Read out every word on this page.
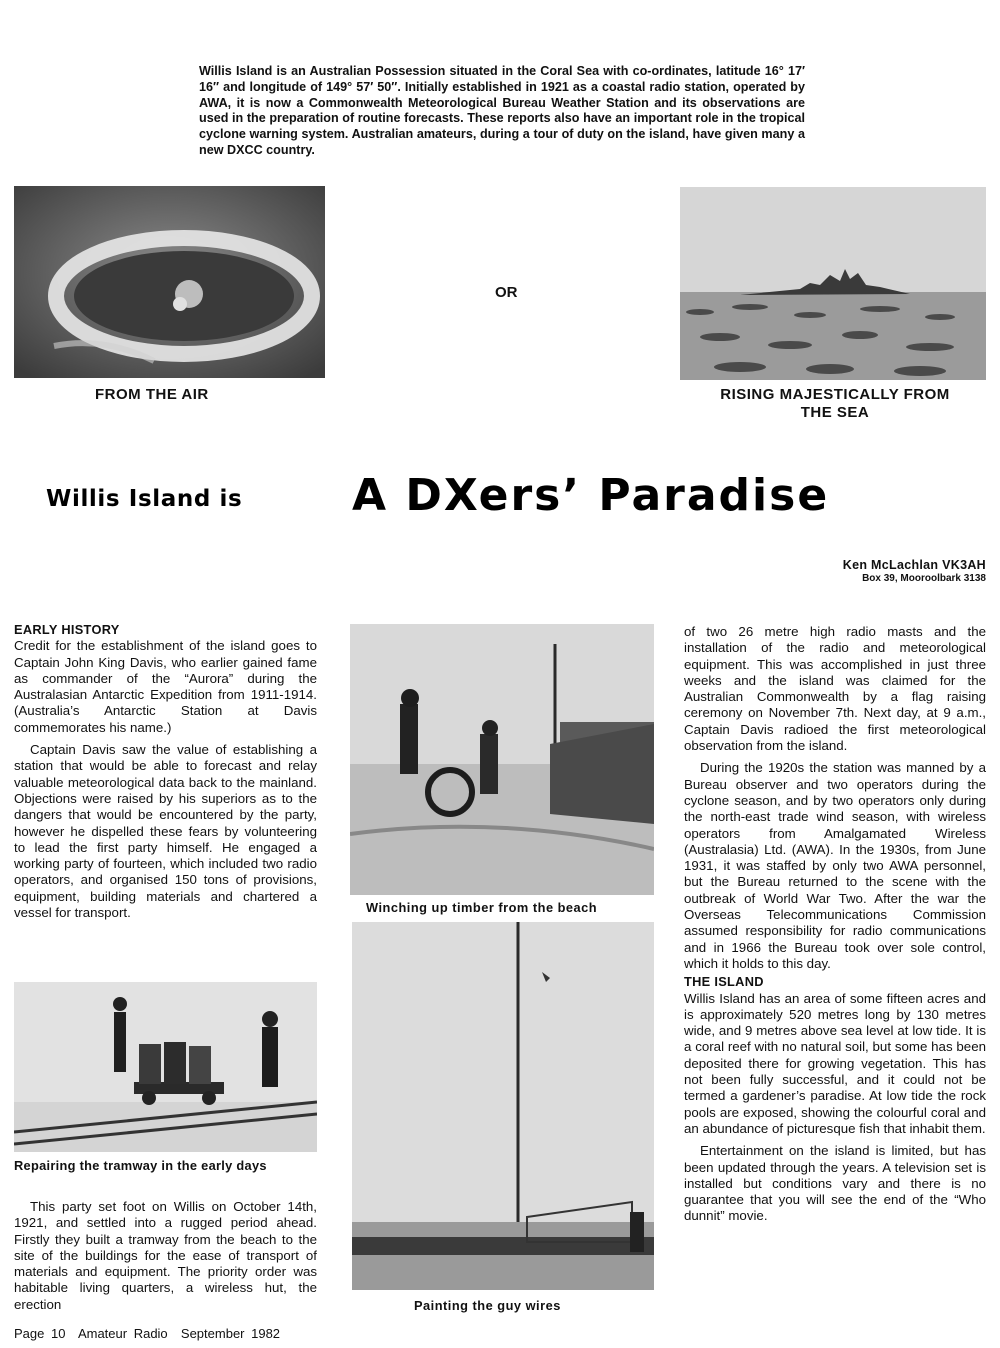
Willis Island is an Australian Possession situated in the Coral Sea with co-ordinates, latitude 16° 17′ 16″ and longitude of 149° 57′ 50″. Initially established in 1921 as a coastal radio station, operated by AWA, it is now a Commonwealth Meteorological Bureau Weather Station and its observations are used in the preparation of routine forecasts. These reports also have an important role in the tropical cyclone warning system. Australian amateurs, during a tour of duty on the island, have given many a new DXCC country.
FROM THE AIR
OR
RISING MAJESTICALLY FROM
THE SEA
Willis Island is A DXers’ Paradise
Ken McLachlan VK3AH
Box 39, Mooroolbark 3138
EARLY HISTORY

Credit for the establishment of the island goes to Captain John King Davis, who earlier gained fame as commander of the “Aurora” during the Australasian Antarctic Expedition from 1911-1914. (Australia’s Antarctic Station at Davis commemorates his name.)

Captain Davis saw the value of establishing a station that would be able to forecast and relay valuable meteorological data back to the mainland. Objections were raised by his superiors as to the dangers that would be encountered by the party, however he dispelled these fears by volunteering to lead the first party himself. He engaged a working party of fourteen, which included two radio operators, and organised 150 tons of provisions, equipment, building materials and chartered a vessel for transport.

Repairing the tramway in the early days

This party set foot on Willis on October 14th, 1921, and settled into a rugged period ahead. Firstly they built a tramway from the beach to the site of the buildings for the ease of transport of materials and equipment. The priority order was habitable living quarters, a wireless hut, the erection

Winching up timber from the beach
Painting the guy wires

of two 26 metre high radio masts and the installation of the radio and meteorological equipment. This was accomplished in just three weeks and the island was claimed for the Australian Commonwealth by a flag raising ceremony on November 7th. Next day, at 9 a.m., Captain Davis radioed the first meteorological observation from the island.

During the 1920s the station was manned by a Bureau observer and two operators during the cyclone season, and by two operators only during the north-east trade wind season, with wireless operators from Amalgamated Wireless (Australasia) Ltd. (AWA). In the 1930s, from June 1931, it was staffed by only two AWA personnel, but the Bureau returned to the scene with the outbreak of World War Two. After the war the Overseas Telecommunications Commission assumed responsibility for radio communications and in 1966 the Bureau took over sole control, which it holds to this day.

THE ISLAND

Willis Island has an area of some fifteen acres and is approximately 520 metres long by 130 metres wide, and 9 metres above sea level at low tide. It is a coral reef with no natural soil, but some has been deposited there for growing vegetation. This has not been fully successful, and it could not be termed a gardener’s paradise. At low tide the rock pools are exposed, showing the colourful coral and an abundance of picturesque fish that inhabit them.

Entertainment on the island is limited, but has been updated through the years. A television set is installed but conditions vary and there is no guarantee that you will see the end of the “Who dunnit” movie.

Page 10 Amateur Radio September 1982
